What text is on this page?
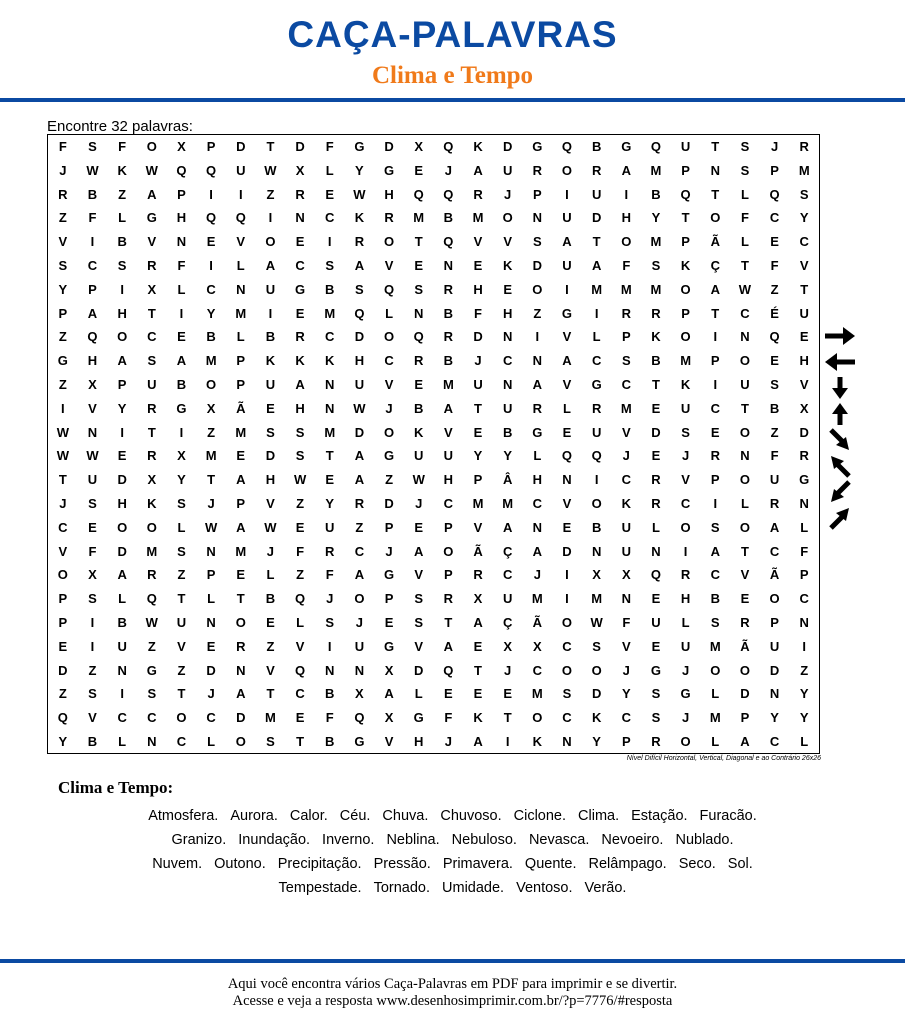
CAÇA-PALAVRAS
Clima e Tempo
Encontre 32 palavras:
F	S	F	O	X	P	D	T	D	F	G	D	X	Q	K	D	G	Q	B	G	Q	U	T	S	J	R
J	W	K	W	Q	Q	U	W	X	L	Y	G	E	J	A	U	R	O	R	A	M	P	N	S	P	M
R	B	Z	A	P	I	I	Z	R	E	W	H	Q	Q	R	J	P	I	U	I	B	Q	T	L	Q	S
Z	F	L	G	H	Q	Q	I	N	C	K	R	M	B	M	O	N	U	D	H	Y	T	O	F	C	Y
V	I	B	V	N	E	V	O	E	I	R	O	T	Q	V	V	S	A	T	O	M	P	Ã	L	E	C
S	C	S	R	F	I	L	A	C	S	A	V	E	N	E	K	D	U	A	F	S	K	Ç	T	F	V
Y	P	I	X	L	C	N	U	G	B	S	Q	S	R	H	E	O	I	M	M	M	O	A	W	Z	T
P	A	H	T	I	Y	M	I	E	M	Q	L	N	B	F	H	Z	G	I	R	R	P	T	C	É	U
Z	Q	O	C	E	B	L	B	R	C	D	O	Q	R	D	N	I	V	L	P	K	O	I	N	Q	E
G	H	A	S	A	M	P	K	K	K	H	C	R	B	J	C	N	A	C	S	B	M	P	O	E	H
Z	X	P	U	B	O	P	U	A	N	U	V	E	M	U	N	A	V	G	C	T	K	I	U	S	V
I	V	Y	R	G	X	Ã	E	H	N	W	J	B	A	T	U	R	L	R	M	E	U	C	T	B	X
W	N	I	T	I	Z	M	S	S	M	D	O	K	V	E	B	G	E	U	V	D	S	E	O	Z	D
W	W	E	R	X	M	E	D	S	T	A	G	U	U	Y	Y	L	Q	Q	J	E	J	R	N	F	R
T	U	D	X	Y	T	A	H	W	E	A	Z	W	H	P	Â	H	N	I	C	R	V	P	O	U	G
J	S	H	K	S	J	P	V	Z	Y	R	D	J	C	M	M	C	V	O	K	R	C	I	L	R	N
C	E	O	O	L	W	A	W	E	U	Z	P	E	P	V	A	N	E	B	U	L	O	S	O	A	L
V	F	D	M	S	N	M	J	F	R	C	J	A	O	Ã	Ç	A	D	N	U	N	I	A	T	C	F
O	X	A	R	Z	P	E	L	Z	F	A	G	V	P	R	C	J	I	X	X	Q	R	C	V	Ã	P
P	S	L	Q	T	L	T	B	Q	J	O	P	S	R	X	U	M	I	M	N	E	H	B	E	O	C
P	I	B	W	U	N	O	E	L	S	J	E	S	T	A	Ç	Ã	O	W	F	U	L	S	R	P	N
E	I	U	Z	V	E	R	Z	V	I	U	G	V	A	E	X	X	C	S	V	E	U	M	Ã	U	I
D	Z	N	G	Z	D	N	V	Q	N	N	X	D	Q	T	J	C	O	O	J	G	J	O	O	D	Z
Z	S	I	S	T	J	A	T	C	B	X	A	L	E	E	E	M	S	D	Y	S	G	L	D	N	Y
Q	V	C	C	O	C	D	M	E	F	Q	X	G	F	K	T	O	C	K	C	S	J	M	P	Y	Y
Y	B	L	N	C	L	O	S	T	B	G	V	H	J	A	I	K	N	Y	P	R	O	L	A	C	L
Nível Difícil Horizontal, Vertical, Diagonal e ao Contrário 26x26
Clima e Tempo:
Atmosfera. Aurora. Calor. Céu. Chuva. Chuvoso. Ciclone. Clima. Estação. Furacão.
Granizo. Inundação. Inverno. Neblina. Nebuloso. Nevasca. Nevoeiro. Nublado.
Nuvem. Outono. Precipitação. Pressão. Primavera. Quente. Relâmpago. Seco. Sol.
Tempestade. Tornado. Umidade. Ventoso. Verão.
Aqui você encontra vários Caça-Palavras em PDF para imprimir e se divertir.
Acesse e veja a resposta www.desenhosimprimir.com.br/?p=7776/#resposta
